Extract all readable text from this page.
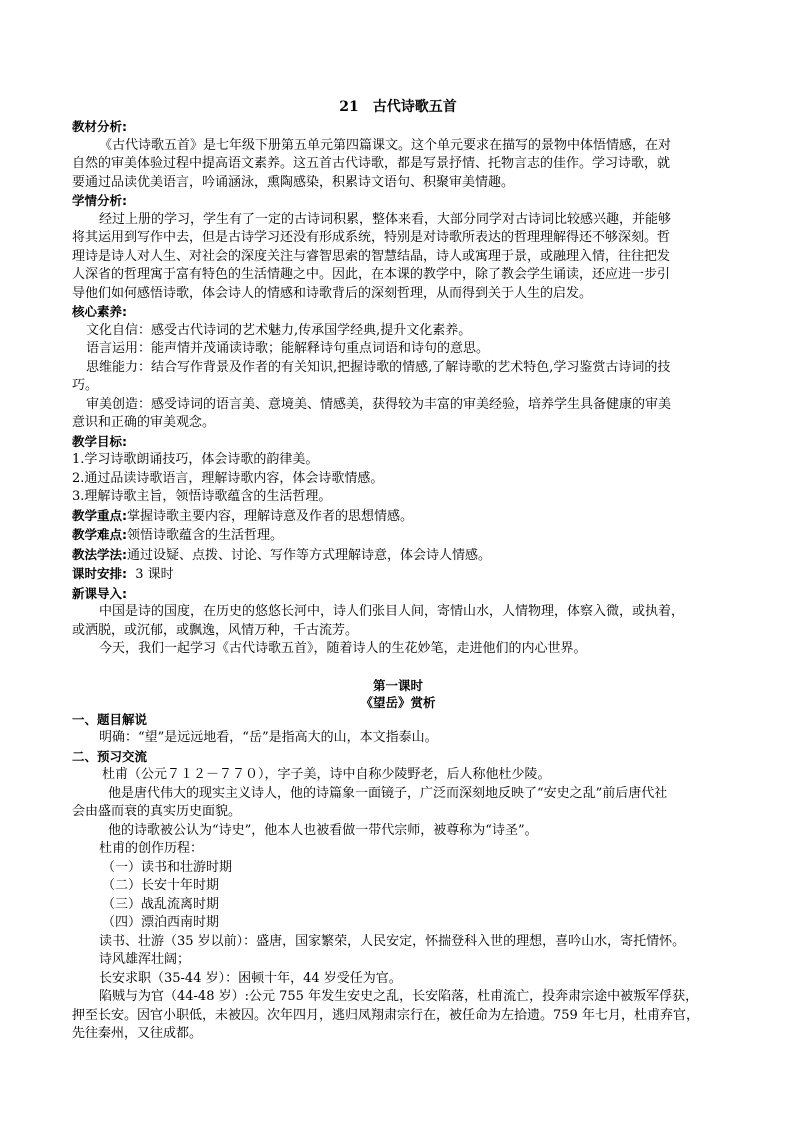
21　古代诗歌五首
教材分析:
《古代诗歌五首》是七年级下册第五单元第四篇课文。这个单元要求在描写的景物中体悟情感，在对
自然的审美体验过程中提高语文素养。这五首古代诗歌，都是写景抒情、托物言志的佳作。学习诗歌，就
要通过品读优美语言，吟诵涵泳，熏陶感染，积累诗文语句、积聚审美情趣。
学情分析:
经过上册的学习，学生有了一定的古诗词积累，整体来看，大部分同学对古诗词比较感兴趣，并能够
将其运用到写作中去，但是古诗学习还没有形成系统，特别是对诗歌所表达的哲理理解得还不够深刻。哲
理诗是诗人对人生、对社会的深度关注与睿智思索的智慧结晶，诗人或寓理于景，或融理入情，往往把发
人深省的哲理寓于富有特色的生活情趣之中。因此，在本课的教学中，除了教会学生诵读，还应进一步引
导他们如何感悟诗歌，体会诗人的情感和诗歌背后的深刻哲理，从而得到关于人生的启发。
核心素养:
文化自信：感受古代诗词的艺术魅力,传承国学经典,提升文化素养。
语言运用：能声情并茂诵读诗歌；能解释诗句重点词语和诗句的意思。
思维能力：结合写作背景及作者的有关知识,把握诗歌的情感,了解诗歌的艺术特色,学习鉴赏古诗词的技
巧。
审美创造：感受诗词的语言美、意境美、情感美，获得较为丰富的审美经验，培养学生具备健康的审美
意识和正确的审美观念。
教学目标:
1.学习诗歌朗诵技巧，体会诗歌的韵律美。
2.通过品读诗歌语言，理解诗歌内容，体会诗歌情感。
3.理解诗歌主旨，领悟诗歌蕴含的生活哲理。
教学重点:掌握诗歌主要内容，理解诗意及作者的思想情感。
教学难点:领悟诗歌蕴含的生活哲理。
教法学法:通过设疑、点拨、讨论、写作等方式理解诗意，体会诗人情感。
课时安排:  3 课时
新课导入:
中国是诗的国度，在历史的悠悠长河中，诗人们张目人间，寄情山水，人情物理，体察入微，或执着，
或洒脱，或沉郁，或飘逸，风情万种，千古流芳。
今天，我们一起学习《古代诗歌五首》，随着诗人的生花妙笔，走进他们的内心世界。
第一课时
《望岳》赏析
一、题目解说
明确：“望”是远远地看，“岳”是指高大的山，本文指泰山。
二、预习交流
杜甫（公元７１２－７７０），字子美，诗中自称少陵野老，后人称他杜少陵。
他是唐代伟大的现实主义诗人，他的诗篇象一面镜子，广泛而深刻地反映了“安史之乱”前后唐代社
会由盛而衰的真实历史面貌。
他的诗歌被公认为“诗史”，他本人也被看做一带代宗师，被尊称为“诗圣”。
杜甫的创作历程：
（一）读书和壮游时期
（二）长安十年时期
（三）战乱流离时期
（四）漂泊西南时期
读书、壮游（35 岁以前）：盛唐，国家繁荣，人民安定，怀揣登科入世的理想，喜吟山水，寄托情怀。
诗风雄浑壮阔；
长安求职（35-44 岁）：困顿十年，44 岁受任为官。
陷贼与为官（44-48 岁）:公元 755 年发生安史之乱，长安陷落，杜甫流亡，投奔肃宗途中被叛军俘获，
押至长安。因官小职低，未被囚。次年四月，逃归凤翔肃宗行在，被任命为左拾遗。759 年七月，杜甫弃官，
先往秦州，又往成都。
